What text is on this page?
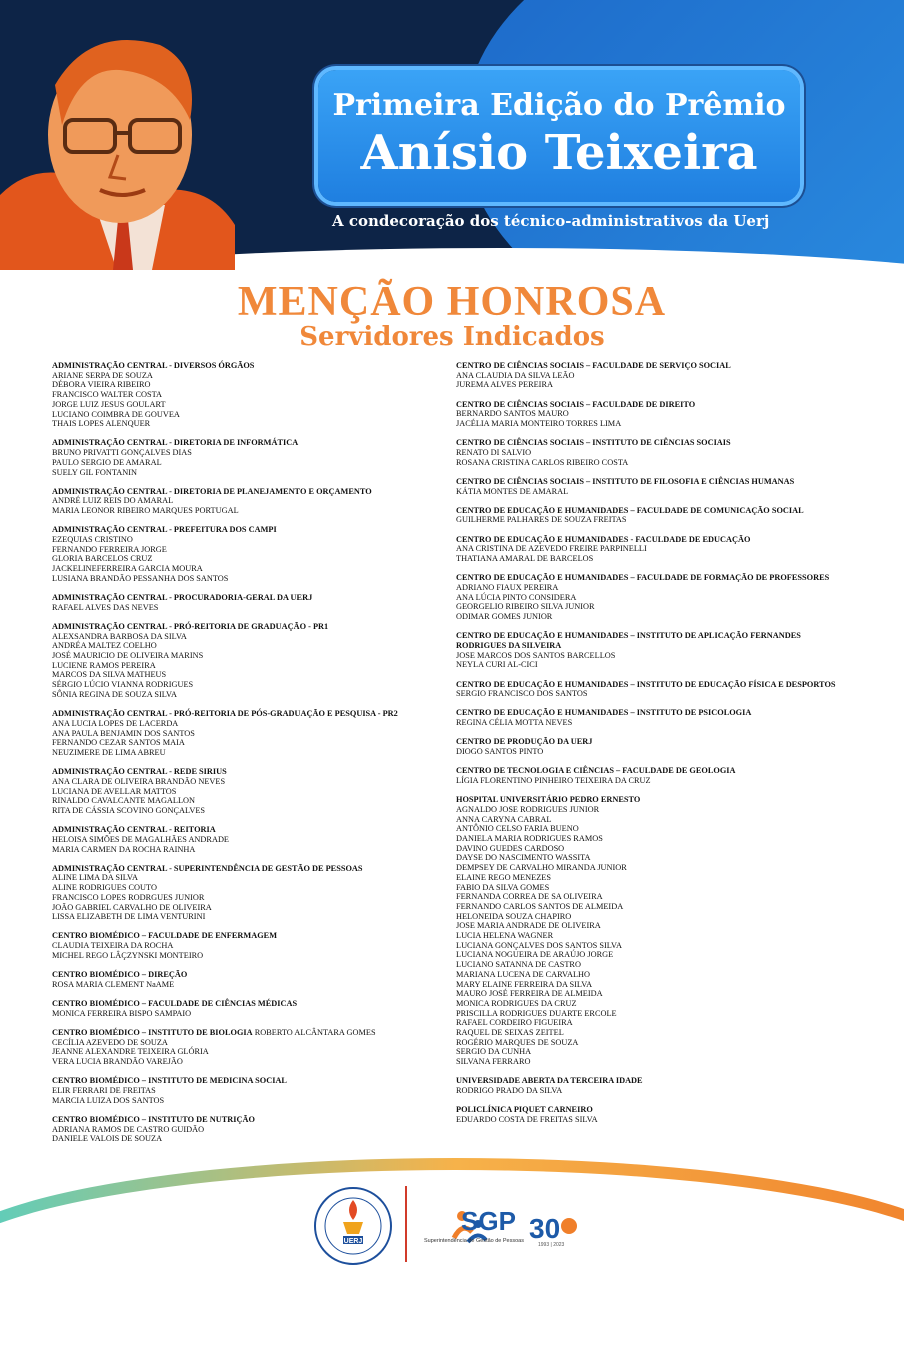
Primeira Edição do Prêmio
Anísio Teixeira
A condecoração dos técnico-administrativos da Uerj
MENÇÃO HONROSA
Servidores Indicados
ADMINISTRAÇÃO CENTRAL - DIVERSOS ÓRGÃOS
ARIANE SERPA DE SOUZA
DÉBORA VIEIRA RIBEIRO
FRANCISCO WALTER COSTA
JORGE LUIZ JESUS GOULART
LUCIANO COIMBRA DE GOUVEA
THAIS LOPES ALENQUER
ADMINISTRAÇÃO CENTRAL - DIRETORIA DE INFORMÁTICA
BRUNO PRIVATTI GONÇALVES DIAS
PAULO SERGIO DE AMARAL
SUELY GIL FONTANIN
ADMINISTRAÇÃO CENTRAL - DIRETORIA DE PLANEJAMENTO E ORÇAMENTO
ANDRÉ LUIZ REIS DO AMARAL
MARIA LEONOR RIBEIRO MARQUES PORTUGAL
ADMINISTRAÇÃO CENTRAL - PREFEITURA DOS CAMPI
EZEQUIAS CRISTINO
FERNANDO FERREIRA JORGE
GLORIA BARCELOS CRUZ
JACKELINEFERREIRA GARCIA MOURA
LUSIANA BRANDÃO PESSANHA DOS SANTOS
ADMINISTRAÇÃO CENTRAL - PROCURADORIA-GERAL DA UERJ
RAFAEL ALVES DAS NEVES
ADMINISTRAÇÃO CENTRAL - PRÓ-REITORIA DE GRADUAÇÃO - PR1
ALEXSANDRA BARBOSA DA SILVA
ANDRÉA MALTEZ COELHO
JOSÉ MAURICIO DE OLIVEIRA MARINS
LUCIENE RAMOS PEREIRA
MARCOS DA SILVA MATHEUS
SÉRGIO LÚCIO VIANNA RODRIGUES
SÔNIA REGINA DE SOUZA SILVA
ADMINISTRAÇÃO CENTRAL - PRÓ-REITORIA DE PÓS-GRADUAÇÃO E PESQUISA - PR2
ANA LUCIA LOPES DE LACERDA
ANA PAULA BENJAMIN DOS SANTOS
FERNANDO CEZAR SANTOS MAIA
NEUZIMERE DE LIMA ABREU
ADMINISTRAÇÃO CENTRAL - REDE SIRIUS
ANA CLARA DE OLIVEIRA BRANDÃO NEVES
LUCIANA DE AVELLAR MATTOS
RINALDO CAVALCANTE MAGALLON
RITA DE CÁSSIA SCOVINO GONÇALVES
ADMINISTRAÇÃO CENTRAL - REITORIA
HELOISA SIMÕES DE MAGALHÃES ANDRADE
MARIA CARMEN DA ROCHA RAINHA
ADMINISTRAÇÃO CENTRAL - SUPERINTENDÊNCIA DE GESTÃO DE PESSOAS
ALINE LIMA DA SILVA
ALINE RODRIGUES COUTO
FRANCISCO LOPES RODRGUES JUNIOR
JOÃO GABRIEL CARVALHO DE OLIVEIRA
LISSA ELIZABETH DE LIMA VENTURINI
CENTRO BIOMÉDICO – FACULDADE DE ENFERMAGEM
CLAUDIA TEIXEIRA DA ROCHA
MICHEL REGO LÂÇZYNSKI MONTEIRO
CENTRO BIOMÉDICO – DIREÇÃO
ROSA MARIA CLEMENT NaAME
CENTRO BIOMÉDICO – FACULDADE DE CIÊNCIAS MÉDICAS
MONICA FERREIRA BISPO SAMPAIO
CENTRO BIOMÉDICO – INSTITUTO DE BIOLOGIA ROBERTO ALCÂNTARA GOMES
CECÍLIA AZEVEDO DE SOUZA
JEANNE ALEXANDRE TEIXEIRA GLÓRIA
VERA LUCIA BRANDÃO VAREJÃO
CENTRO BIOMÉDICO – INSTITUTO DE MEDICINA SOCIAL
ELIR FERRARI DE FREITAS
MARCIA LUIZA DOS SANTOS
CENTRO BIOMÉDICO – INSTITUTO DE NUTRIÇÃO
ADRIANA RAMOS DE CASTRO GUIDÃO
DANIELE VALOIS DE SOUZA
CENTRO DE CIÊNCIAS SOCIAIS – FACULDADE DE SERVIÇO SOCIAL
ANA CLAUDIA DA SILVA LEÃO
JUREMA ALVES PEREIRA
CENTRO DE CIÊNCIAS SOCIAIS – FACULDADE DE DIREITO
BERNARDO SANTOS MAURO
JACÉLIA MARIA MONTEIRO TORRES LIMA
CENTRO DE CIÊNCIAS SOCIAIS – INSTITUTO DE CIÊNCIAS SOCIAIS
RENATO DI SALVIO
ROSANA CRISTINA CARLOS RIBEIRO COSTA
CENTRO DE CIÊNCIAS SOCIAIS – INSTITUTO DE FILOSOFIA E CIÊNCIAS HUMANAS
KÁTIA MONTES DE AMARAL
CENTRO DE EDUCAÇÃO E HUMANIDADES – FACULDADE DE COMUNICAÇÃO SOCIAL
GUILHERME PALHARES DE SOUZA FREITAS
CENTRO DE EDUCAÇÃO E HUMANIDADES - FACULDADE DE EDUCAÇÃO
ANA CRISTINA DE AZEVEDO FREIRE PARPINELLI
THATIANA AMARAL DE BARCELOS
CENTRO DE EDUCAÇÃO E HUMANIDADES – FACULDADE DE FORMAÇÃO DE PROFESSORES
ADRIANO FIAUX PEREIRA
ANA LÚCIA PINTO CONSIDERA
GEORGELIO RIBEIRO SILVA JUNIOR
ODIMAR GOMES JUNIOR
CENTRO DE EDUCAÇÃO E HUMANIDADES – INSTITUTO DE APLICAÇÃO FERNANDES RODRIGUES DA SILVEIRA
JOSE MARCOS DOS SANTOS BARCELLOS
NEYLA CURI AL-CICI
CENTRO DE EDUCAÇÃO E HUMANIDADES – INSTITUTO DE EDUCAÇÃO FÍSICA E DESPORTOS
SERGIO FRANCISCO DOS SANTOS
CENTRO DE EDUCAÇÃO E HUMANIDADES – INSTITUTO DE PSICOLOGIA
REGINA CÉLIA MOTTA NEVES
CENTRO DE PRODUÇÃO DA UERJ
DIOGO SANTOS PINTO
CENTRO DE TECNOLOGIA E CIÊNCIAS – FACULDADE DE GEOLOGIA
LÍGIA FLORENTINO PINHEIRO TEIXEIRA DA CRUZ
HOSPITAL UNIVERSITÁRIO PEDRO ERNESTO
AGNALDO JOSE RODRIGUES JUNIOR
ANNA CARYNA CABRAL
ANTÔNIO CELSO FARIA BUENO
DANIELA MARIA RODRIGUES RAMOS
DAVINO GUEDES CARDOSO
DAYSE DO NASCIMENTO WASSITA
DEMPSEY DE CARVALHO MIRANDA JUNIOR
ELAINE REGO MENEZES
FABIO DA SILVA GOMES
FERNANDA CORREA DE SA OLIVEIRA
FERNANDO CARLOS SANTOS DE ALMEIDA
HELONEIDA SOUZA CHAPIRO
JOSE MARIA ANDRADE DE OLIVEIRA
LUCIA HELENA WAGNER
LUCIANA GONÇALVES DOS SANTOS SILVA
LUCIANA NOGUEIRA DE ARAÚJO JORGE
LUCIANO SATANNA DE CASTRO
MARIANA LUCENA DE CARVALHO
MARY ELAINE FERREIRA DA SILVA
MAURO JOSÉ FERREIRA DE ALMEIDA
MONICA RODRIGUES DA CRUZ
PRISCILLA RODRIGUES DUARTE ERCOLE
RAFAEL CORDEIRO FIGUEIRA
RAQUEL DE SEIXAS ZEITEL
ROGÉRIO MARQUES DE SOUZA
SERGIO DA CUNHA
SILVANA FERRARO
UNIVERSIDADE ABERTA DA TERCEIRA IDADE
RODRIGO PRADO DA SILVA
POLICLÍNICA PIQUET CARNEIRO
EDUARDO COSTA DE FREITAS SILVA
UERJ
SGP
Superintendência de Gestão de Pessoas 30
1993 | 2023
